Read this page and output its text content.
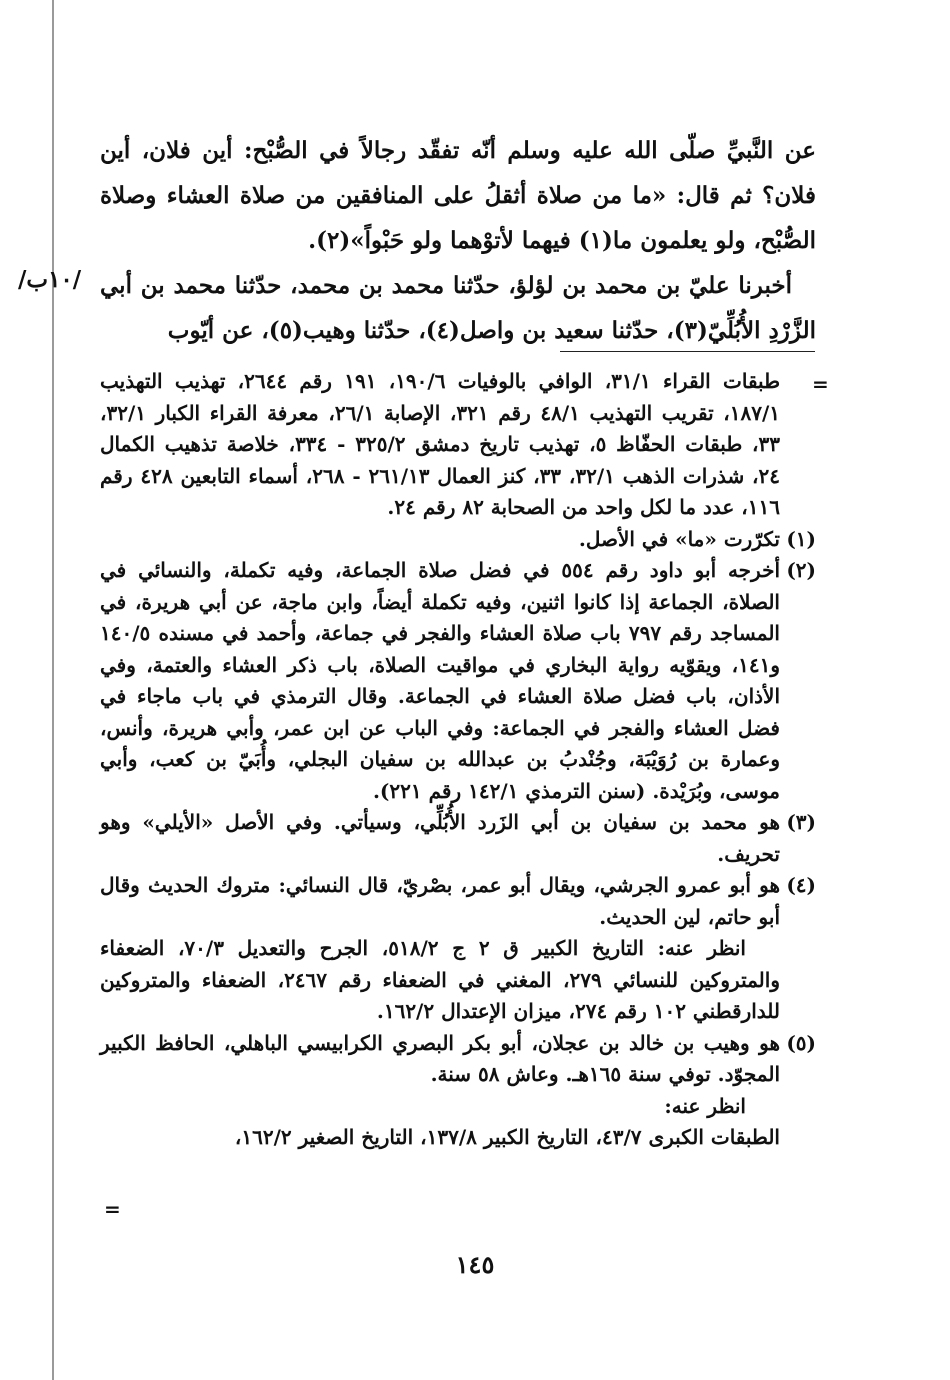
/١٠ب/

عن النَّبيِّ صلّى الله عليه وسلم أنّه تفقّد رجالاً في الصُّبْح: أين فلان، أين فلان؟ ثم قال: «ما من صلاة أثقلُ على المنافقين من صلاة العشاء وصلاة الصُّبْح، ولو يعلمون ما(١) فيهما لأتوْهما ولو حَبْواً»(٢).

أخبرنا عليّ بن محمد بن لؤلؤ، حدّثنا محمد بن محمد، حدّثنا محمد بن أبي الزَّرْدِ الأُبُلِّيّ(٣)، حدّثنا سعيد بن واصل(٤)، حدّثنا وهيب(٥)، عن أيّوب

=

طبقات القراء ٣١/١، الوافي بالوفيات ١٩٠/٦، ١٩١ رقم ٢٦٤٤، تهذيب التهذيب ١٨٧/١، تقريب التهذيب ٤٨/١ رقم ٣٢١، الإصابة ٢٦/١، معرفة القراء الكبار ٣٢/١، ٣٣، طبقات الحفّاظ ٥، تهذيب تاريخ دمشق ٣٢٥/٢ - ٣٣٤، خلاصة تذهيب الكمال ٢٤، شذرات الذهب ٣٢/١، ٣٣، كنز العمال ٢٦١/١٣ - ٢٦٨، أسماء التابعين ٤٢٨ رقم ١١٦، عدد ما لكل واحد من الصحابة ٨٢ رقم ٢٤.

(١)تكرّرت «ما» في الأصل.

(٢)أخرجه أبو داود رقم ٥٥٤ في فضل صلاة الجماعة، وفيه تكملة، والنسائي في الصلاة، الجماعة إذا كانوا اثنين، وفيه تكملة أيضاً، وابن ماجة، عن أبي هريرة، في المساجد رقم ٧٩٧ باب صلاة العشاء والفجر في جماعة، وأحمد في مسنده ١٤٠/٥ و١٤١، ويقوّيه رواية البخاري في مواقيت الصلاة، باب ذكر العشاء والعتمة، وفي الأذان، باب فضل صلاة العشاء في الجماعة. وقال الترمذي في باب ماجاء في فضل العشاء والفجر في الجماعة: وفي الباب عن ابن عمر، وأبي هريرة، وأنس، وعمارة بن رُوَيْبَة، وجُنْدبُ بن عبدالله بن سفيان البجلي، وأُبَيّ بن كعب، وأبي موسى، وبُرَيْدة. (سنن الترمذي ١٤٢/١ رقم ٢٢١).

(٣)هو محمد بن سفيان بن أبي الزَرد الأُبُلِّي، وسيأتي. وفي الأصل «الأيلي» وهو تحريف.

(٤)هو أبو عمرو الجرشي، ويقال أبو عمر، بصْريّ، قال النسائي: متروك الحديث وقال أبو حاتم، لين الحديث.

انظر عنه: التاريخ الكبير ق ٢ ج ٥١٨/٢، الجرح والتعديل ٧٠/٣، الضعفاء والمتروكين للنسائي ٢٧٩، المغني في الضعفاء رقم ٢٤٦٧، الضعفاء والمتروكين للدارقطني ١٠٢ رقم ٢٧٤، ميزان الإعتدال ١٦٢/٢.

(٥)هو وهيب بن خالد بن عجلان، أبو بكر البصري الكرابيسي الباهلي، الحافظ الكبير المجوّد. توفي سنة ١٦٥هـ. وعاش ٥٨ سنة.

انظر عنه:

الطبقات الكبرى ٤٣/٧، التاريخ الكبير ١٣٧/٨، التاريخ الصغير ١٦٢/٢،

=
١٤٥
